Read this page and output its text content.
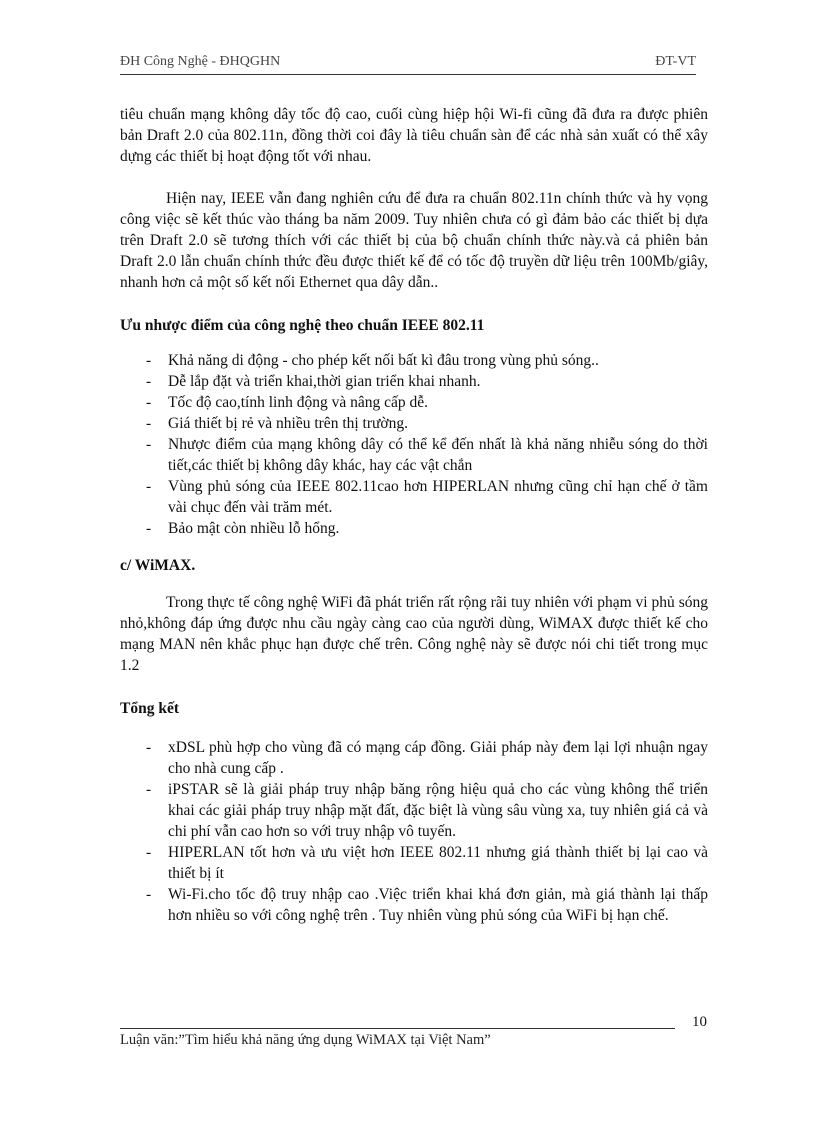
ĐH Công Nghệ - ĐHQGHN	ĐT-VT

tiêu chuẩn mạng không dây tốc độ cao, cuối cùng hiệp hội Wi-fi cũng đã đưa ra được phiên bản Draft 2.0 của 802.11n, đồng thời coi đây là tiêu chuẩn sàn để các nhà sản xuất có thể xây dựng các thiết bị hoạt động tốt với nhau.

Hiện nay, IEEE vẫn đang nghiên cứu để đưa ra chuẩn 802.11n chính thức và hy vọng công việc sẽ kết thúc vào tháng ba năm 2009. Tuy nhiên chưa có gì đảm bảo các thiết bị dựa trên Draft 2.0 sẽ tương thích với các thiết bị của bộ chuẩn chính thức này.và cả phiên bản Draft 2.0 lẫn chuẩn chính thức đều được thiết kế để có tốc độ truyền dữ liệu trên 100Mb/giây, nhanh hơn cả một số kết nối Ethernet qua dây dẫn..

Ưu nhược điểm của công nghệ theo chuẩn IEEE 802.11
- Khả năng di động - cho phép kết nối bất kì đâu trong vùng phủ sóng..
- Dễ lắp đặt và triển khai,thời gian triển khai nhanh.
- Tốc độ cao,tính linh động và nâng cấp dễ.
- Giá thiết bị rẻ và nhiều trên thị trường.
- Nhược điểm của mạng không dây có thể kể đến nhất là khả năng nhiễu sóng do thời tiết,các thiết bị không dây khác, hay các vật chắn
- Vùng phủ sóng của IEEE 802.11cao hơn HIPERLAN nhưng cũng chỉ hạn chế ở tầm vài chục đến vài trăm mét.
- Bảo mật còn nhiều lỗ hổng.
c/ WiMAX.

Trong thực tế công nghệ WiFi đã phát triển rất rộng rãi tuy nhiên với phạm vi phủ sóng nhỏ,không đáp ứng được nhu cầu ngày càng cao của người dùng, WiMAX được thiết kế cho mạng MAN nên khắc phục hạn được chế trên. Công nghệ này sẽ được nói chi tiết trong mục 1.2

Tổng kết
- xDSL phù hợp cho vùng đã có mạng cáp đồng. Giải pháp này đem lại lợi nhuận ngay cho nhà cung cấp .
- iPSTAR sẽ là giải pháp truy nhập băng rộng hiệu quả cho các vùng không thể triển khai các giải pháp truy nhập mặt đất, đặc biệt là vùng sâu vùng xa, tuy nhiên giá cả và chi phí vẫn cao hơn so với truy nhập vô tuyến.
- HIPERLAN tốt hơn và ưu việt hơn IEEE 802.11 nhưng giá thành thiết bị lại cao và thiết bị ít
- Wi-Fi.cho tốc độ truy nhập cao .Việc triển khai khá đơn giản, mà giá thành lại thấp hơn nhiều so với công nghệ trên . Tuy nhiên vùng phủ sóng của WiFi bị hạn chế.
10
Luận văn:”Tìm hiểu khả năng ứng dụng WiMAX tại Việt Nam”
